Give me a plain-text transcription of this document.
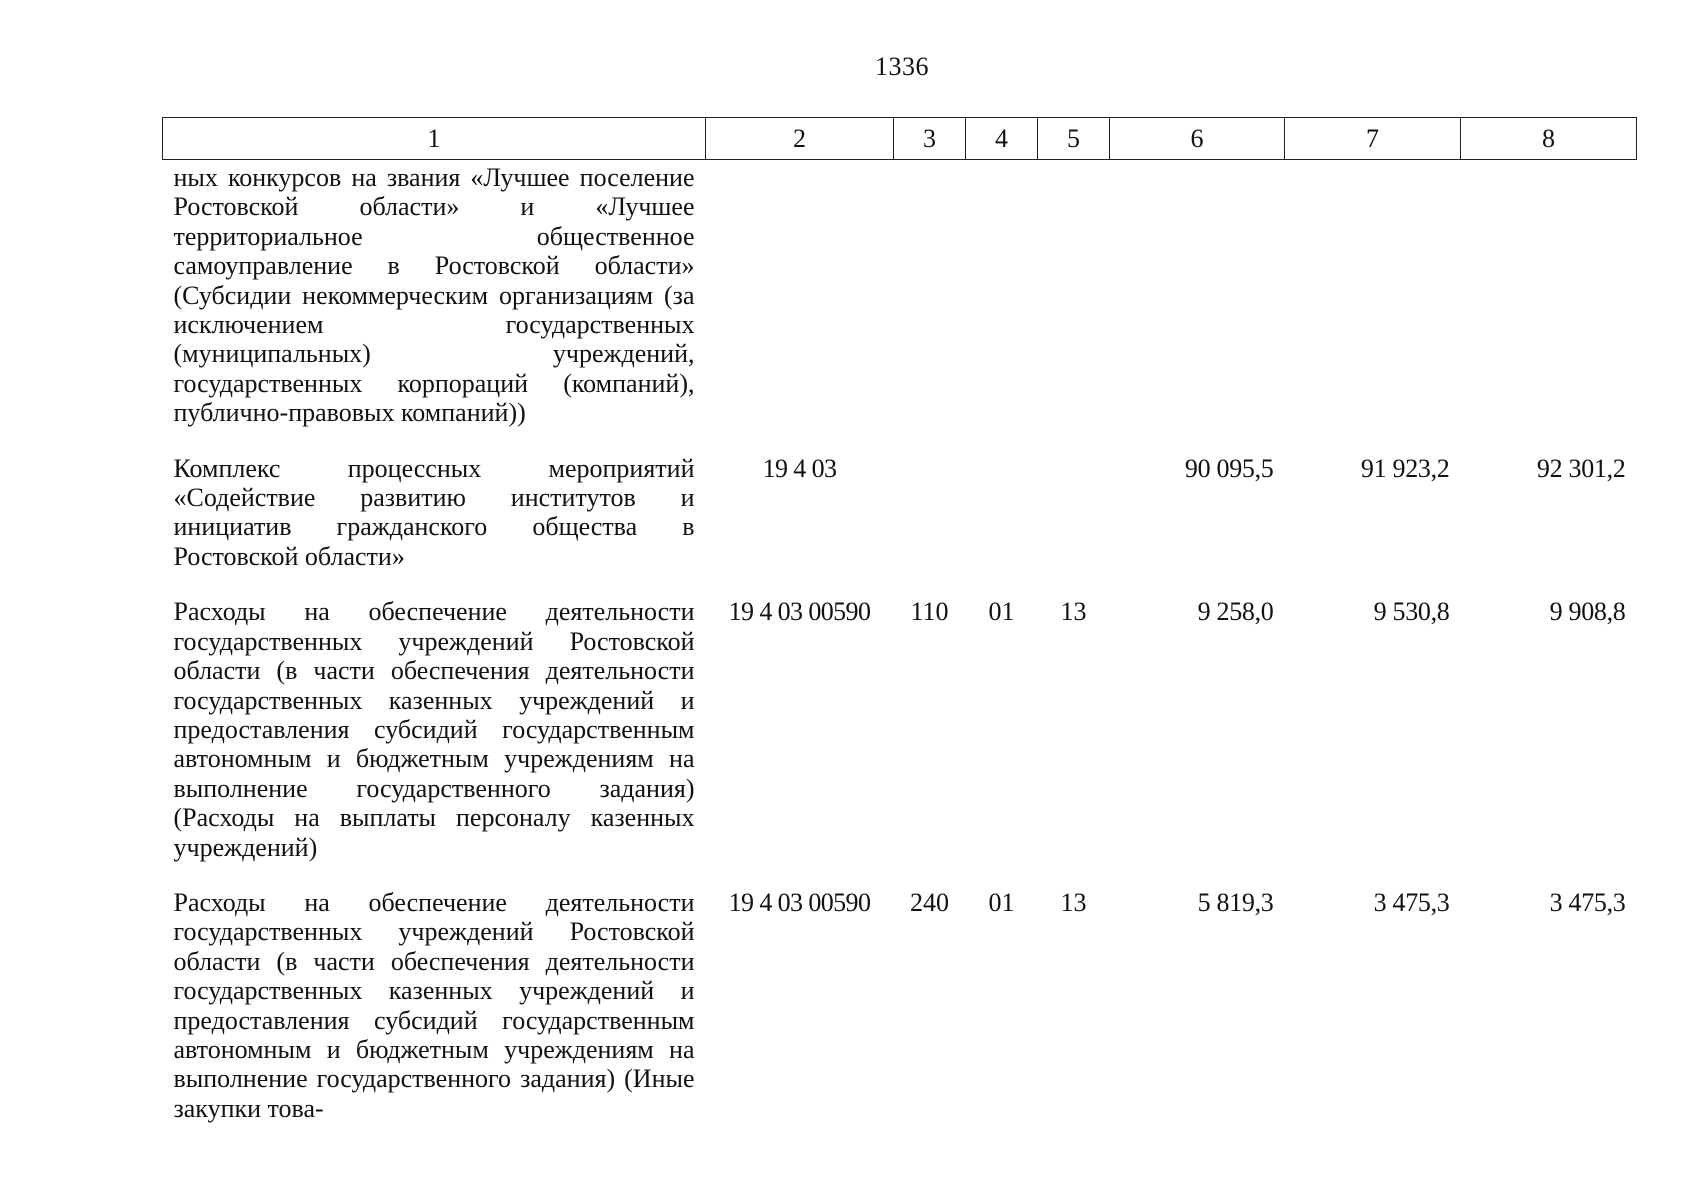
1336
1	2	3	4	5	6	7	8
ных конкурсов на звания «Лучшее поселение Ростовской области» и «Лучшее территориальное общественное самоуправление в Ростовской области» (Субсидии некоммерческим организациям (за исключением государственных (муниципальных) учреждений, государственных корпораций (компаний), публично-правовых компаний))							
Комплекс процессных мероприятий «Содействие развитию институтов и инициатив гражданского общества в Ростовской области»	19 4 03				90 095,5	91 923,2	92 301,2
Расходы на обеспечение деятельности государственных учреждений Ростовской области (в части обеспечения деятельности государственных казенных учреждений и предоставления субсидий государственным автономным и бюджетным учреждениям на выполнение государственного задания) (Расходы на выплаты персоналу казенных учреждений)	19 4 03 00590	110	01	13	9 258,0	9 530,8	9 908,8
Расходы на обеспечение деятельности государственных учреждений Ростовской области (в части обеспечения деятельности государственных казенных учреждений и предоставления субсидий государственным автономным и бюджетным учреждениям на выполнение государственного задания) (Иные закупки това-	19 4 03 00590	240	01	13	5 819,3	3 475,3	3 475,3
